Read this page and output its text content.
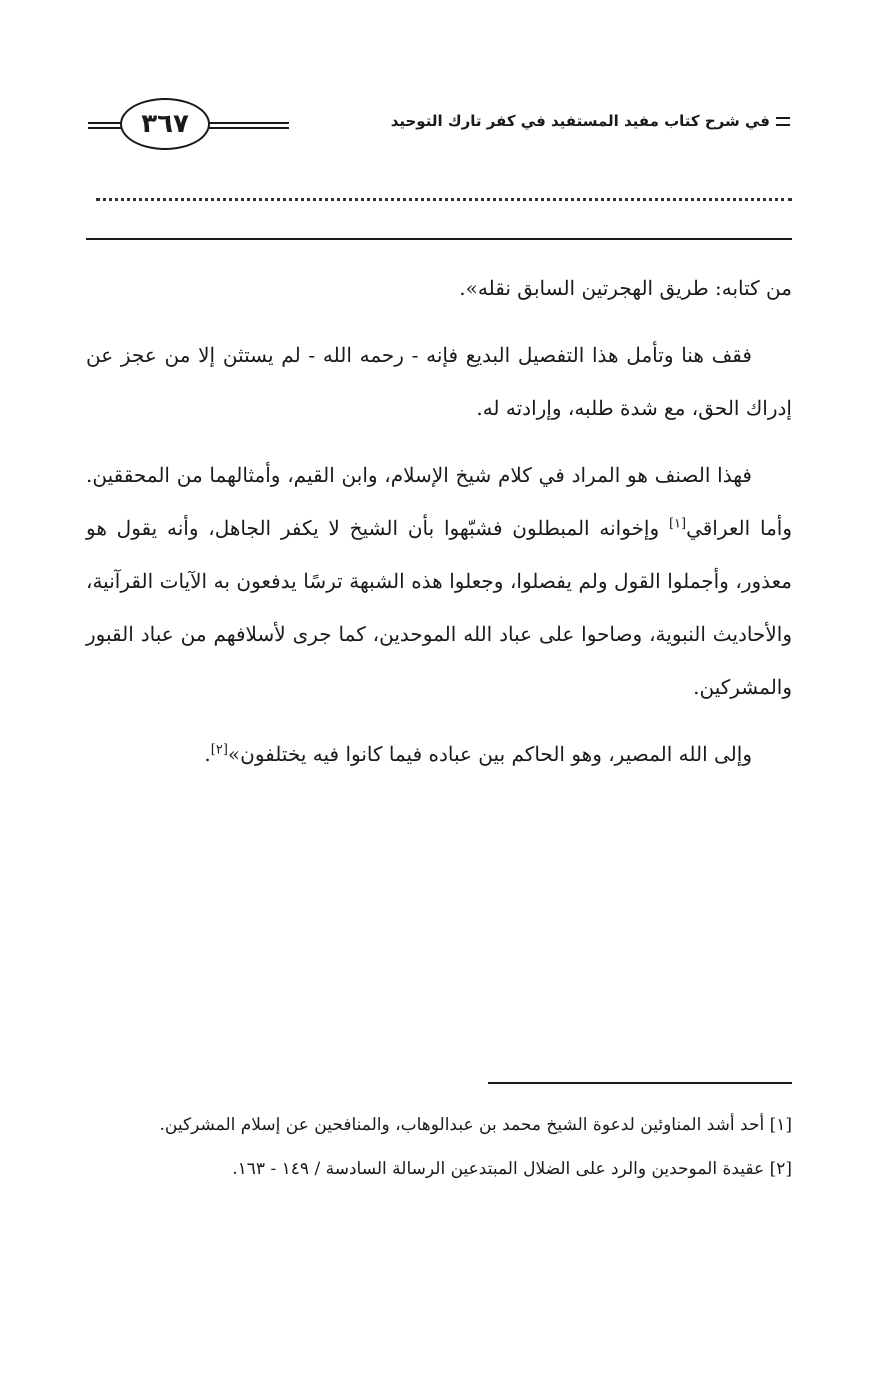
في شرح كتاب مفيد المستفيد في كفر تارك التوحيد
٣٦٧

من كتابه: طريق الهجرتين السابق نقله».

فقف هنا وتأمل هذا التفصيل البديع فإنه - رحمه الله - لم يستثن إلا من عجز عن إدراك الحق، مع شدة طلبه، وإرادته له.

فهذا الصنف هو المراد في كلام شيخ الإسلام، وابن القيم، وأمثالهما من المحققين. وأما العراقي[١] وإخوانه المبطلون فشبّهوا بأن الشيخ لا يكفر الجاهل، وأنه يقول هو معذور، وأجملوا القول ولم يفصلوا، وجعلوا هذه الشبهة ترسًا يدفعون به الآيات القرآنية، والأحاديث النبوية، وصاحوا على عباد الله الموحدين، كما جرى لأسلافهم من عباد القبور والمشركين.

وإلى الله المصير، وهو الحاكم بين عباده فيما كانوا فيه يختلفون»[٢].

[١] أحد أشد المناوئين لدعوة الشيخ محمد بن عبدالوهاب، والمنافحين عن إسلام المشركين.

[٢] عقيدة الموحدين والرد على الضلال المبتدعين الرسالة السادسة / ١٤٩ - ١٦٣.
